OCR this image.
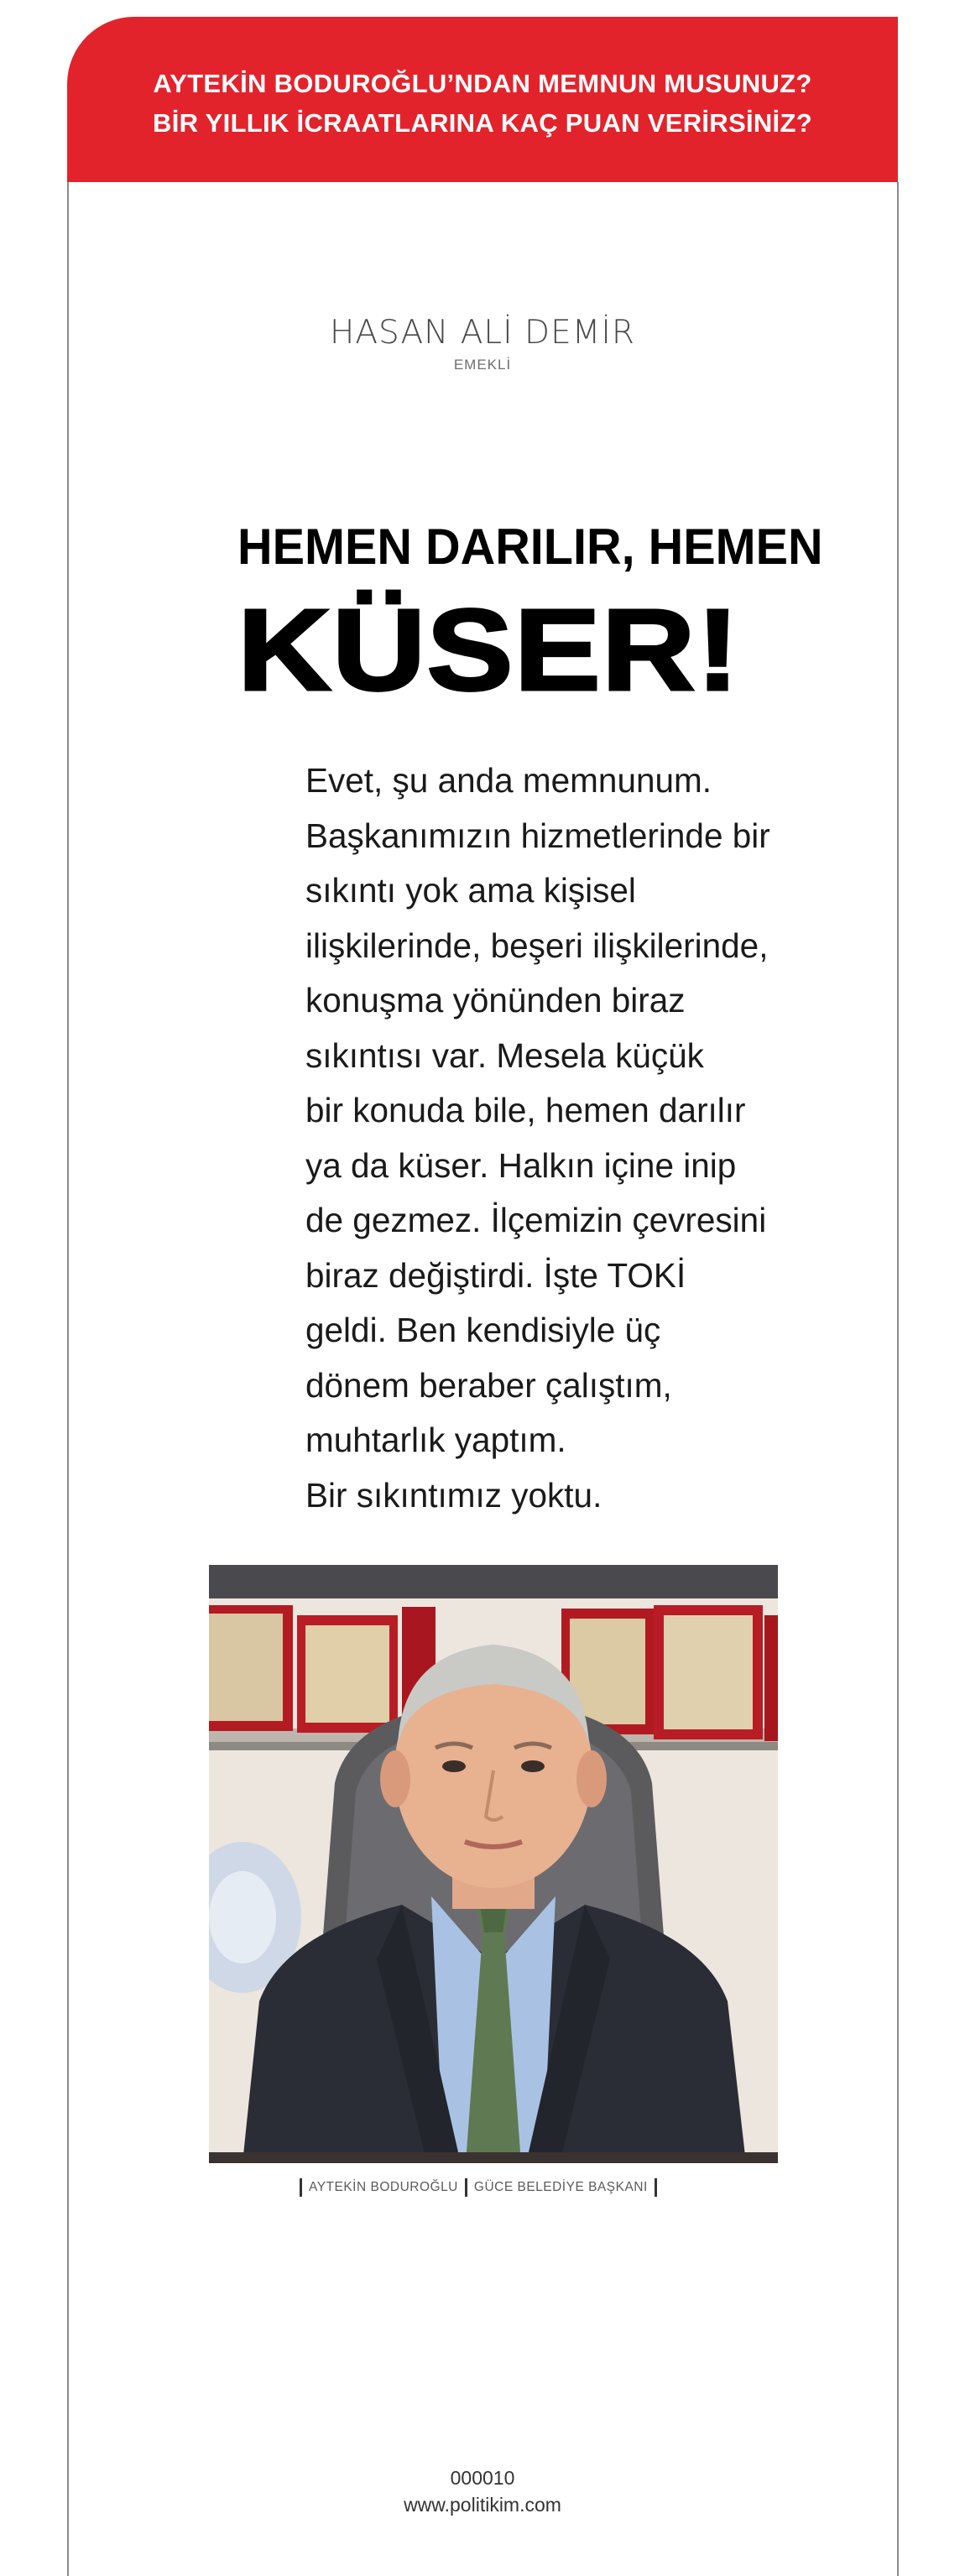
AYTEKİN BODUROĞLU’NDAN MEMNUN MUSUNUZ?
BİR YILLIK İCRAATLARINA KAÇ PUAN VERİRSİNİZ?
HASAN ALİ DEMİR
EMEKLİ
HEMEN DARILIR, HEMEN
KÜSER!
Evet, şu anda memnunum.
Başkanımızın hizmetlerinde bir
sıkıntı yok ama kişisel
ilişkilerinde, beşeri ilişkilerinde,
konuşma yönünden biraz
sıkıntısı var. Mesela küçük
bir konuda bile, hemen darılır
ya da küser. Halkın içine inip
de gezmez. İlçemizin çevresini
biraz değiştirdi. İşte TOKİ
geldi. Ben kendisiyle üç
dönem beraber çalıştım,
muhtarlık yaptım.
Bir sıkıntımız yoktu.
AYTEKİN BODUROĞLU	GÜCE BELEDİYE BAŞKANI
000010
www.politikim.com
